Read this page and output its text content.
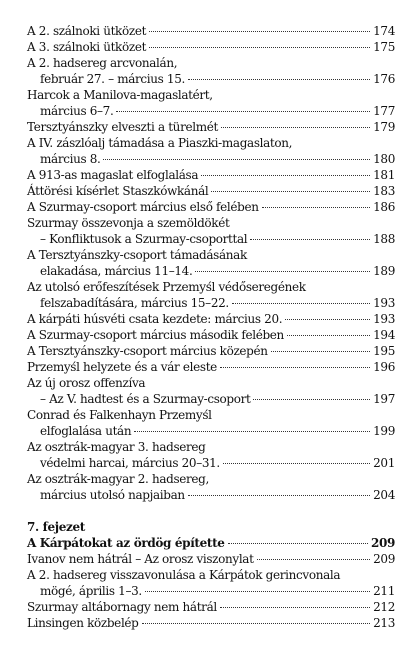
A 2. szálnoki ütközet	174
A 3. szálnoki ütközet	175
A 2. hadsereg arcvonalán,
február 27. – március 15.	176
Harcok a Manilova-magaslatért,
március 6–7.	177
Tersztyánszky elveszti a türelmét	179
A IV. zászlóalj támadása a Piaszki-magaslaton,
március 8.	180
A 913-as magaslat elfoglalása	181
Áttörési kísérlet Staszkówkánál	183
A Szurmay-csoport március első felében	186
Szurmay összevonja a szemöldökét
– Konfliktusok a Szurmay-csoporttal	188
A Tersztyánszky-csoport támadásának
elakadása, március 11–14.	189
Az utolsó erőfeszítések Przemyśl védőseregének
felszabadítására, március 15–22.	193
A kárpáti húsvéti csata kezdete: március 20.	193
A Szurmay-csoport március második felében	194
A Tersztyánszky-csoport március közepén	195
Przemyśl helyzete és a vár eleste	196
Az új orosz offenzíva
– Az V. hadtest és a Szurmay-csoport	197
Conrad és Falkenhayn Przemyśl
elfoglalása után	199
Az osztrák-magyar 3. hadsereg
védelmi harcai, március 20–31.	201
Az osztrák-magyar 2. hadsereg,
március utolsó napjaiban	204
7. fejezet
A Kárpátokat az ördög építette	209
Ivanov nem hátrál – Az orosz viszonylat	209
A 2. hadsereg visszavonulása a Kárpátok gerincvonala
mögé, április 1–3.	211
Szurmay altábornagy nem hátrál	212
Linsingen közbelép	213
